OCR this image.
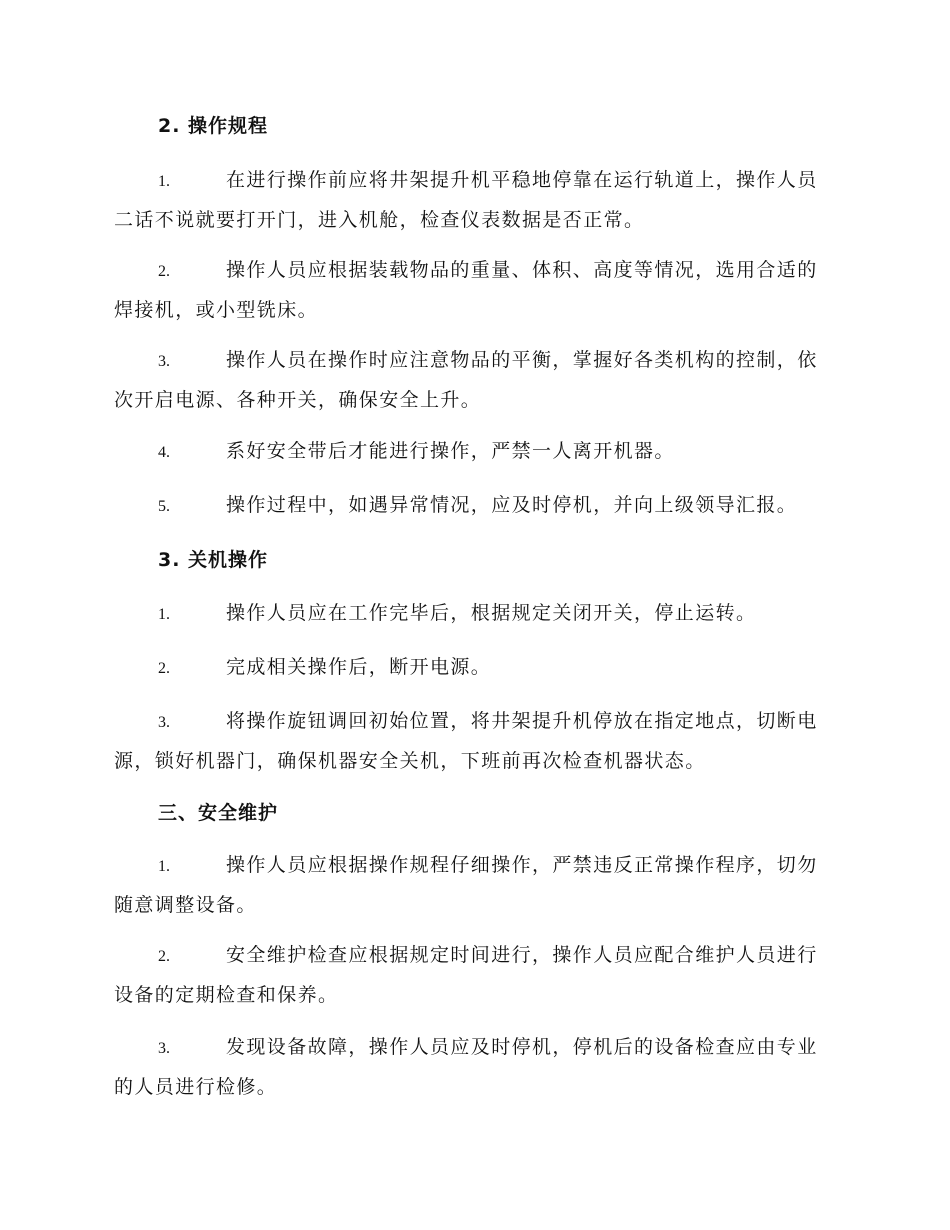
2. 操作规程

1.	在进行操作前应将井架提升机平稳地停靠在运行轨道上，操作人员二话不说就要打开门，进入机舱，检查仪表数据是否正常。

2.	操作人员应根据装载物品的重量、体积、高度等情况，选用合适的焊接机，或小型铣床。

3.	操作人员在操作时应注意物品的平衡，掌握好各类机构的控制，依次开启电源、各种开关，确保安全上升。

4.	系好安全带后才能进行操作，严禁一人离开机器。

5.	操作过程中，如遇异常情况，应及时停机，并向上级领导汇报。

3. 关机操作

1.	操作人员应在工作完毕后，根据规定关闭开关，停止运转。

2.	完成相关操作后，断开电源。

3.	将操作旋钮调回初始位置，将井架提升机停放在指定地点，切断电源，锁好机器门，确保机器安全关机，下班前再次检查机器状态。

三、安全维护

1.	操作人员应根据操作规程仔细操作，严禁违反正常操作程序，切勿随意调整设备。

2.	安全维护检查应根据规定时间进行，操作人员应配合维护人员进行设备的定期检查和保养。

3.	发现设备故障，操作人员应及时停机，停机后的设备检查应由专业的人员进行检修。
